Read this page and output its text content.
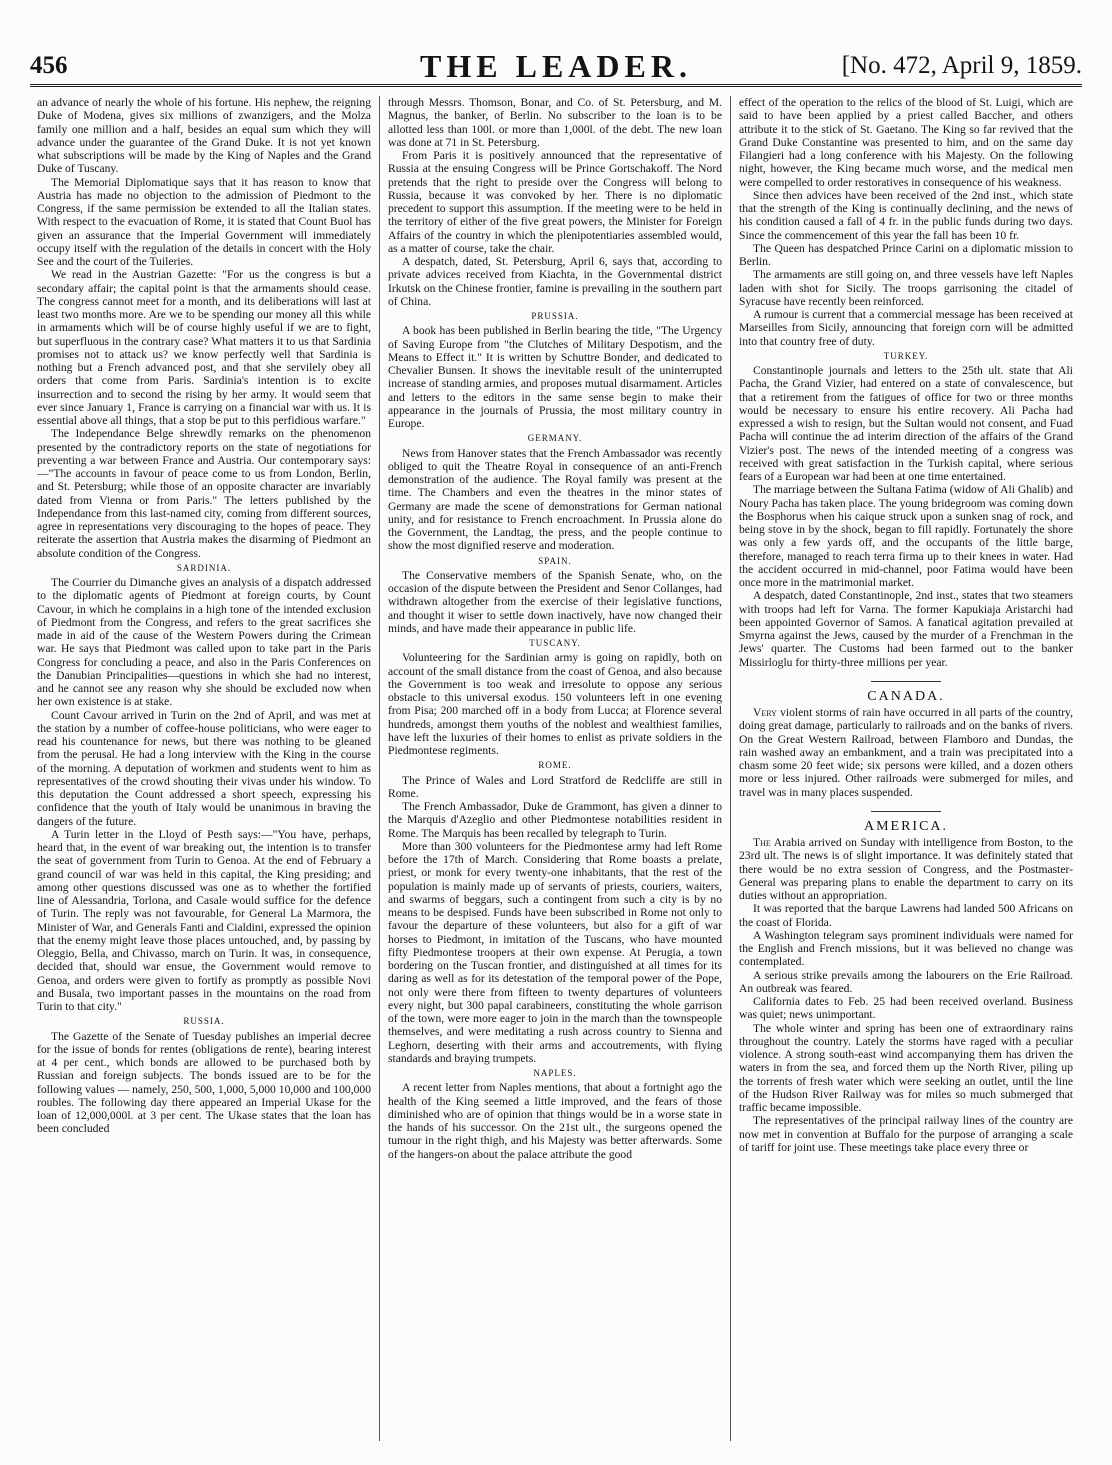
456	THE LEADER.	[No. 472, April 9, 1859.

an advance of nearly the whole of his fortune. His nephew, the reigning Duke of Modena, gives six millions of zwanzigers, and the Molza family one million and a half, besides an equal sum which they will advance under the guarantee of the Grand Duke. It is not yet known what subscriptions will be made by the King of Naples and the Grand Duke of Tuscany.

The Memorial Diplomatique says that it has reason to know that Austria has made no objection to the admission of Piedmont to the Congress, if the same permission be extended to all the Italian states. With respect to the evacuation of Rome, it is stated that Count Buol has given an assurance that the Imperial Government will immediately occupy itself with the regulation of the details in concert with the Holy See and the court of the Tuileries.

We read in the Austrian Gazette: "For us the congress is but a secondary affair; the capital point is that the armaments should cease. The congress cannot meet for a month, and its deliberations will last at least two months more. Are we to be spending our money all this while in armaments which will be of course highly useful if we are to fight, but superfluous in the contrary case? What matters it to us that Sardinia promises not to attack us? we know perfectly well that Sardinia is nothing but a French advanced post, and that she servilely obey all orders that come from Paris. Sardinia's intention is to excite insurrection and to second the rising by her army. It would seem that ever since January 1, France is carrying on a financial war with us. It is essential above all things, that a stop be put to this perfidious warfare."

The Independance Belge shrewdly remarks on the phenomenon presented by the contradictory reports on the state of negotiations for preventing a war between France and Austria. Our contemporary says:—"The accounts in favour of peace come to us from London, Berlin, and St. Petersburg; while those of an opposite character are invariably dated from Vienna or from Paris." The letters published by the Independance from this last-named city, coming from different sources, agree in representations very discouraging to the hopes of peace. They reiterate the assertion that Austria makes the disarming of Piedmont an absolute condition of the Congress.

SARDINIA.

The Courrier du Dimanche gives an analysis of a dispatch addressed to the diplomatic agents of Piedmont at foreign courts, by Count Cavour, in which he complains in a high tone of the intended exclusion of Piedmont from the Congress, and refers to the great sacrifices she made in aid of the cause of the Western Powers during the Crimean war. He says that Piedmont was called upon to take part in the Paris Congress for concluding a peace, and also in the Paris Conferences on the Danubian Principalities—questions in which she had no interest, and he cannot see any reason why she should be excluded now when her own existence is at stake.

Count Cavour arrived in Turin on the 2nd of April, and was met at the station by a number of coffee-house politicians, who were eager to read his countenance for news, but there was nothing to be gleaned from the perusal. He had a long interview with the King in the course of the morning. A deputation of workmen and students went to him as representatives of the crowd shouting their vivas under his window. To this deputation the Count addressed a short speech, expressing his confidence that the youth of Italy would be unanimous in braving the dangers of the future.

A Turin letter in the Lloyd of Pesth says:—"You have, perhaps, heard that, in the event of war breaking out, the intention is to transfer the seat of government from Turin to Genoa. At the end of February a grand council of war was held in this capital, the King presiding; and among other questions discussed was one as to whether the fortified line of Alessandria, Torlona, and Casale would suffice for the defence of Turin. The reply was not favourable, for General La Marmora, the Minister of War, and Generals Fanti and Cialdini, expressed the opinion that the enemy might leave those places untouched, and, by passing by Oleggio, Bella, and Chivasso, march on Turin. It was, in consequence, decided that, should war ensue, the Government would remove to Genoa, and orders were given to fortify as promptly as possible Novi and Busala, two important passes in the mountains on the road from Turin to that city."

RUSSIA.

The Gazette of the Senate of Tuesday publishes an imperial decree for the issue of bonds for rentes (obligations de rente), bearing interest at 4 per cent., which bonds are allowed to be purchased both by Russian and foreign subjects. The bonds issued are to be for the following values — namely, 250, 500, 1,000, 5,000 10,000 and 100,000 roubles. The following day there appeared an Imperial Ukase for the loan of 12,000,000l. at 3 per cent. The Ukase states that the loan has been concluded

through Messrs. Thomson, Bonar, and Co. of St. Petersburg, and M. Magnus, the banker, of Berlin. No subscriber to the loan is to be allotted less than 100l. or more than 1,000l. of the debt. The new loan was done at 71 in St. Petersburg.

From Paris it is positively announced that the representative of Russia at the ensuing Congress will be Prince Gortschakoff. The Nord pretends that the right to preside over the Congress will belong to Russia, because it was convoked by her. There is no diplomatic precedent to support this assumption. If the meeting were to be held in the territory of either of the five great powers, the Minister for Foreign Affairs of the country in which the plenipotentiaries assembled would, as a matter of course, take the chair.

A despatch, dated, St. Petersburg, April 6, says that, according to private advices received from Kiachta, in the Governmental district Irkutsk on the Chinese frontier, famine is prevailing in the southern part of China.

PRUSSIA.

A book has been published in Berlin bearing the title, "The Urgency of Saving Europe from "the Clutches of Military Despotism, and the Means to Effect it." It is written by Schuttre Bonder, and dedicated to Chevalier Bunsen. It shows the inevitable result of the uninterrupted increase of standing armies, and proposes mutual disarmament. Articles and letters to the editors in the same sense begin to make their appearance in the journals of Prussia, the most military country in Europe.

GERMANY.

News from Hanover states that the French Ambassador was recently obliged to quit the Theatre Royal in consequence of an anti-French demonstration of the audience. The Royal family was present at the time. The Chambers and even the theatres in the minor states of Germany are made the scene of demonstrations for German national unity, and for resistance to French encroachment. In Prussia alone do the Government, the Landtag, the press, and the people continue to show the most dignified reserve and moderation.

SPAIN.

The Conservative members of the Spanish Senate, who, on the occasion of the dispute between the President and Senor Collanges, had withdrawn altogether from the exercise of their legislative functions, and thought it wiser to settle down inactively, have now changed their minds, and have made their appearance in public life.

TUSCANY.

Volunteering for the Sardinian army is going on rapidly, both on account of the small distance from the coast of Genoa, and also because the Government is too weak and irresolute to oppose any serious obstacle to this universal exodus. 150 volunteers left in one evening from Pisa; 200 marched off in a body from Lucca; at Florence several hundreds, amongst them youths of the noblest and wealthiest families, have left the luxuries of their homes to enlist as private soldiers in the Piedmontese regiments.

ROME.

The Prince of Wales and Lord Stratford de Redcliffe are still in Rome.

The French Ambassador, Duke de Grammont, has given a dinner to the Marquis d'Azeglio and other Piedmontese notabilities resident in Rome. The Marquis has been recalled by telegraph to Turin.

More than 300 volunteers for the Piedmontese army had left Rome before the 17th of March. Considering that Rome boasts a prelate, priest, or monk for every twenty-one inhabitants, that the rest of the population is mainly made up of servants of priests, couriers, waiters, and swarms of beggars, such a contingent from such a city is by no means to be despised. Funds have been subscribed in Rome not only to favour the departure of these volunteers, but also for a gift of war horses to Piedmont, in imitation of the Tuscans, who have mounted fifty Piedmontese troopers at their own expense. At Perugia, a town bordering on the Tuscan frontier, and distinguished at all times for its daring as well as for its detestation of the temporal power of the Pope, not only were there from fifteen to twenty departures of volunteers every night, but 300 papal carabineers, constituting the whole garrison of the town, were more eager to join in the march than the townspeople themselves, and were meditating a rush across country to Sienna and Leghorn, deserting with their arms and accoutrements, with flying standards and braying trumpets.

NAPLES.

A recent letter from Naples mentions, that about a fortnight ago the health of the King seemed a little improved, and the fears of those diminished who are of opinion that things would be in a worse state in the hands of his successor. On the 21st ult., the surgeons opened the tumour in the right thigh, and his Majesty was better afterwards. Some of the hangers-on about the palace attribute the good

effect of the operation to the relics of the blood of St. Luigi, which are said to have been applied by a priest called Baccher, and others attribute it to the stick of St. Gaetano. The King so far revived that the Grand Duke Constantine was presented to him, and on the same day Filangieri had a long conference with his Majesty. On the following night, however, the King became much worse, and the medical men were compelled to order restoratives in consequence of his weakness.

Since then advices have been received of the 2nd inst., which state that the strength of the King is continually declining, and the news of his condition caused a fall of 4 fr. in the public funds during two days. Since the commencement of this year the fall has been 10 fr.

The Queen has despatched Prince Carini on a diplomatic mission to Berlin.

The armaments are still going on, and three vessels have left Naples laden with shot for Sicily. The troops garrisoning the citadel of Syracuse have recently been reinforced.

A rumour is current that a commercial message has been received at Marseilles from Sicily, announcing that foreign corn will be admitted into that country free of duty.

TURKEY.

Constantinople journals and letters to the 25th ult. state that Ali Pacha, the Grand Vizier, had entered on a state of convalescence, but that a retirement from the fatigues of office for two or three months would be necessary to ensure his entire recovery. Ali Pacha had expressed a wish to resign, but the Sultan would not consent, and Fuad Pacha will continue the ad interim direction of the affairs of the Grand Vizier's post. The news of the intended meeting of a congress was received with great satisfaction in the Turkish capital, where serious fears of a European war had been at one time entertained.

The marriage between the Sultana Fatima (widow of Ali Ghalib) and Noury Pacha has taken place. The young bridegroom was coming down the Bosphorus when his caique struck upon a sunken snag of rock, and being stove in by the shock, began to fill rapidly. Fortunately the shore was only a few yards off, and the occupants of the little barge, therefore, managed to reach terra firma up to their knees in water. Had the accident occurred in mid-channel, poor Fatima would have been once more in the matrimonial market.

A despatch, dated Constantinople, 2nd inst., states that two steamers with troops had left for Varna. The former Kapukiaja Aristarchi had been appointed Governor of Samos. A fanatical agitation prevailed at Smyrna against the Jews, caused by the murder of a Frenchman in the Jews' quarter. The Customs had been farmed out to the banker Missirloglu for thirty-three millions per year.

CANADA.

Very violent storms of rain have occurred in all parts of the country, doing great damage, particularly to railroads and on the banks of rivers. On the Great Western Railroad, between Flamboro and Dundas, the rain washed away an embankment, and a train was precipitated into a chasm some 20 feet wide; six persons were killed, and a dozen others more or less injured. Other railroads were submerged for miles, and travel was in many places suspended.

AMERICA.

The Arabia arrived on Sunday with intelligence from Boston, to the 23rd ult. The news is of slight importance. It was definitely stated that there would be no extra session of Congress, and the Postmaster-General was preparing plans to enable the department to carry on its duties without an appropriation.

It was reported that the barque Lawrens had landed 500 Africans on the coast of Florida.

A Washington telegram says prominent individuals were named for the English and French missions, but it was believed no change was contemplated.

A serious strike prevails among the labourers on the Erie Railroad. An outbreak was feared.

California dates to Feb. 25 had been received overland. Business was quiet; news unimportant.

The whole winter and spring has been one of extraordinary rains throughout the country. Lately the storms have raged with a peculiar violence. A strong south-east wind accompanying them has driven the waters in from the sea, and forced them up the North River, piling up the torrents of fresh water which were seeking an outlet, until the line of the Hudson River Railway was for miles so much submerged that traffic became impossible.

The representatives of the principal railway lines of the country are now met in convention at Buffalo for the purpose of arranging a scale of tariff for joint use. These meetings take place every three or
